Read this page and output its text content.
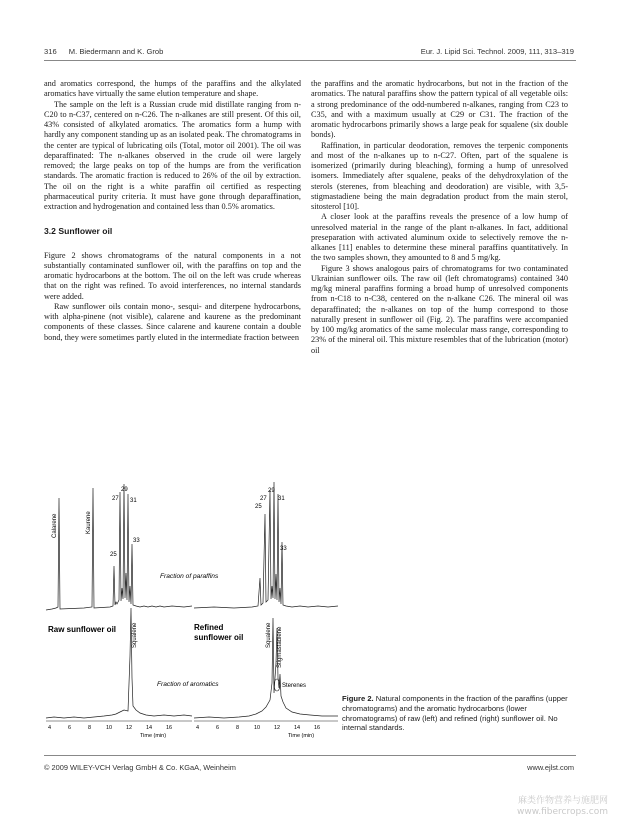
316 M. Biedermann and K. Grob	Eur. J. Lipid Sci. Technol. 2009, 111, 313–319

and aromatics correspond, the humps of the paraffins and the alkylated aromatics have virtually the same elution temperature and shape.

The sample on the left is a Russian crude mid distillate ranging from n-C20 to n-C37, centered on n-C26. The n-alkanes are still present. Of this oil, 43% consisted of alkylated aromatics. The aromatics form a hump with hardly any component standing up as an isolated peak. The chromatograms in the center are typical of lubricating oils (Total, motor oil 2001). The oil was deparaffinated: The n-alkanes observed in the crude oil were largely removed; the large peaks on top of the humps are from the verification standards. The aromatic fraction is reduced to 26% of the oil by extraction. The oil on the right is a white paraffin oil certified as respecting pharmaceutical purity criteria. It must have gone through deparaffination, extraction and hydrogenation and contained less than 0.5% aromatics.

3.2 Sunflower oil

Figure 2 shows chromatograms of the natural components in a not substantially contaminated sunflower oil, with the paraffins on top and the aromatic hydrocarbons at the bottom. The oil on the left was crude whereas that on the right was refined. To avoid interferences, no internal standards were added.

Raw sunflower oils contain mono-, sesqui- and diterpene hydrocarbons, with alpha-pinene (not visible), calarene and kaurene as the predominant components of these classes. Since calarene and kaurene contain a double bond, they were sometimes partly eluted in the intermediate fraction between

the paraffins and the aromatic hydrocarbons, but not in the fraction of the aromatics. The natural paraffins show the pattern typical of all vegetable oils: a strong predominance of the odd-numbered n-alkanes, ranging from C23 to C35, and with a maximum usually at C29 or C31. The fraction of the aromatic hydrocarbons primarily shows a large peak for squalene (six double bonds).

Raffination, in particular deodoration, removes the terpenic components and most of the n-alkanes up to n-C27. Often, part of the squalene is isomerized (primarily during bleaching), forming a hump of unresolved isomers. Immediately after squalene, peaks of the dehydroxylation of the sterols (sterenes, from bleaching and deodoration) are visible, with 3,5-stigmastadiene being the main degradation product from the main sterol, sitosterol [10].

A closer look at the paraffins reveals the presence of a low hump of unresolved material in the range of the plant n-alkanes. In fact, additional preseparation with activated aluminum oxide to selectively remove the n-alkanes [11] enables to determine these mineral paraffins quantitatively. In the two samples shown, they amounted to 8 and 5 mg/kg.

Figure 3 shows analogous pairs of chromatograms for two contaminated Ukrainian sunflower oils. The raw oil (left chromatograms) contained 340 mg/kg mineral paraffins forming a broad hump of unresolved components from n-C18 to n-C38, centered on the n-alkane C26. The mineral oil was deparaffinated; the n-alkanes on top of the hump correspond to those naturally present in sunflower oil (Fig. 2). The paraffins were accompanied by 100 mg/kg aromatics of the same molecular mass range, corresponding to 23% of the mineral oil. This mixture resembles that of the lubrication (motor) oil

Calarene	Kaurene
25
27
29
31
33
Fraction of paraffins
25
27
29
31
33
Raw sunflower oil	Refined
sunflower oil
Squalene	Squalene Stigmastadiene
Fraction of aromatics	Sterenes
4	6	8	10	12	14	16
Time (min)
4	6	8	10	12	14	16
Time (min)
Figure 2. Natural components in the fraction of the paraffins (upper chromatograms) and the aromatic hydrocarbons (lower chromatograms) of raw (left) and refined (right) sunflower oil. No internal standards.
© 2009 WILEY-VCH Verlag GmbH & Co. KGaA, Weinheim	www.ejlst.com
麻类作物营养与施肥网
www.fibercrops.com
